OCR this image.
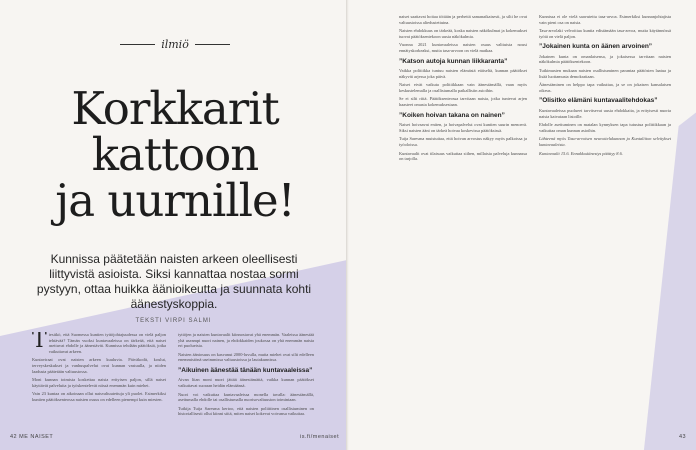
ilmiö
Korkkarit
kattoon
ja uurnille!
Kunnissa päätetään naisten arkeen oleellisesti liittyvistä asioista. Siksi kannattaa nostaa sormi pystyyn, ottaa huikka äänioikeutta ja suunnata kohti äänestyskoppia.
TEKSTI VIRPI SALMI
T iesitkö, että Suomessa kuntien tyttöjohtajuudessa on vielä paljon tehtävää? Tämän vuoksi kuntavaaleissa on tärkeää, että naiset asettuvat ehdolle ja äänestävät. Kunnissa tehdään päätöksiä, jotka vaikuttavat arkeen.

Kuntaviraat ovat naisten arkeen kuuluvia. Päiväkodit, koulut, terveyskeskukset ja vanhuspalvelut ovat kunnan vastuulla, ja niiden laadusta päätetään valtuustossa.

Moni kunnan toimista koskettaa naisia erityisen paljon, sillä naiset käyttävät palveluita ja työskentelevät niissä enemmän kuin miehet.

Vain 23 kuntaa on aikoinaan ollut naisvaltuutettuja yli puolet. Esimerkiksi kuntien päätöksenteossa naisten osuus on edelleen pienempi kuin miesten.

tyttöjen ja naisten kuntavaalit kiinnostavat yhä enemmän. Vaaleissa äänestää yhä useampi nuori nainen, ja ehdokkaiden joukossa on yhä enemmän naisia eri puolueista.

Naisten ääniosuus on kasvanut 2000-luvulla, mutta miehet ovat silti edelleen enemmistönä useimmissa valtuustoissa ja lautakunnissa.

”Aikuinen äänestää tänään kuntavaaleissa”

Aivan liian moni nuori jättää äänestämättä, vaikka kunnan päätökset vaikuttavat suoraan heidän elämäänsä.

Nuori voi vaikuttaa kuntavaaleissa monella tavalla: äänestämällä, asettumalla ehdolle tai osallistumalla nuorisovaltuuston toimintaan.

Tutkija Tuija Saresma kertoo, että naisten poliittinen osallistuminen on historiallisesti ollut kiinni siitä, miten naiset kokevat voivansa vaikuttaa.

42 ME NAISET	is.fi/menaiset

naiset saattavat hoitaa töitään ja perhettä samanaikaisesti, ja silti he ovat valtuustoissa aliedustettuina.

Naisten ehdokkuus on tärkeää, koska naisten näkökulmat ja kokemukset tuovat päätöksentekoon uusia näkökulmia.

Vuonna 2021 kuntavaaleissa naisten osuus valituista nousi ennätyskorkeaksi, mutta tasa-arvoon on vielä matkaa.

”Katson autoja kunnan liikkaranta”

Vaikka politiikka tuntuu naisten elämästä etäiseltä, kunnan päätökset näkyvät arjessa joka päivä.

Naiset eivät vaikuta politiikkaan vain äänestämällä, vaan myös keskustelemalla ja osallistumalla paikallisiin asioihin.

Se ei silti riitä. Päätöksenteossa tarvitaan naisia, jotka tuntevat arjen haasteet omasta kokemuksestaan.

”Koiken hoivan takana on nainen”

Naiset hoivaavat eniten, ja hoivapalvelut ovat kuntien suurin menoerä. Siksi naisten ääni on tärkeä hoivaa koskevissa päätöksissä.

Tuija Saresma muistuttaa, että hoivan arvostus näkyy myös palkoissa ja työoloissa.

Kuntavaalit ovat tilaisuus vaikuttaa siihen, millaisia palveluja kunnassa on tarjolla.

Kunnissa ei ole vielä saavutettu tasa-arvoa. Esimerkiksi kunnanjohtajista vain pieni osa on naisia.

Tasa-arvolaki velvoittaa kuntia edistämään tasa-arvoa, mutta käytännössä työtä on vielä paljon.

”Jokainen kunta on äänen arvoinen”

Jokainen kunta on omanlaisensa, ja jokaisessa tarvitaan naisten näkökulmia päätöksentekoon.

Tutkimusten mukaan naisten osallistuminen parantaa päätösten laatua ja lisää luottamusta demokratiaan.

Äänestäminen on helppo tapa vaikuttaa, ja se on jokaisen kansalaisen oikeus.

”Olisitko elämäni kuntavaalitehdokas”

Kuntavaaleissa puolueet tarvitsevat uusia ehdokkaita, ja erityisesti nuoria naisia kaivataan listoille.

Ehdolle asettuminen on matalan kynnyksen tapa tutustua politiikkaan ja vaikuttaa oman kunnan asioihin.

Lähteenä myös Tasa-arvoisen neuvottelukunnan ja Kuntaliiton selvitykset kuntavaaleista.

Kuntavaalit 15.6. Ennakkoäänestys päättyy 8.6.

43
